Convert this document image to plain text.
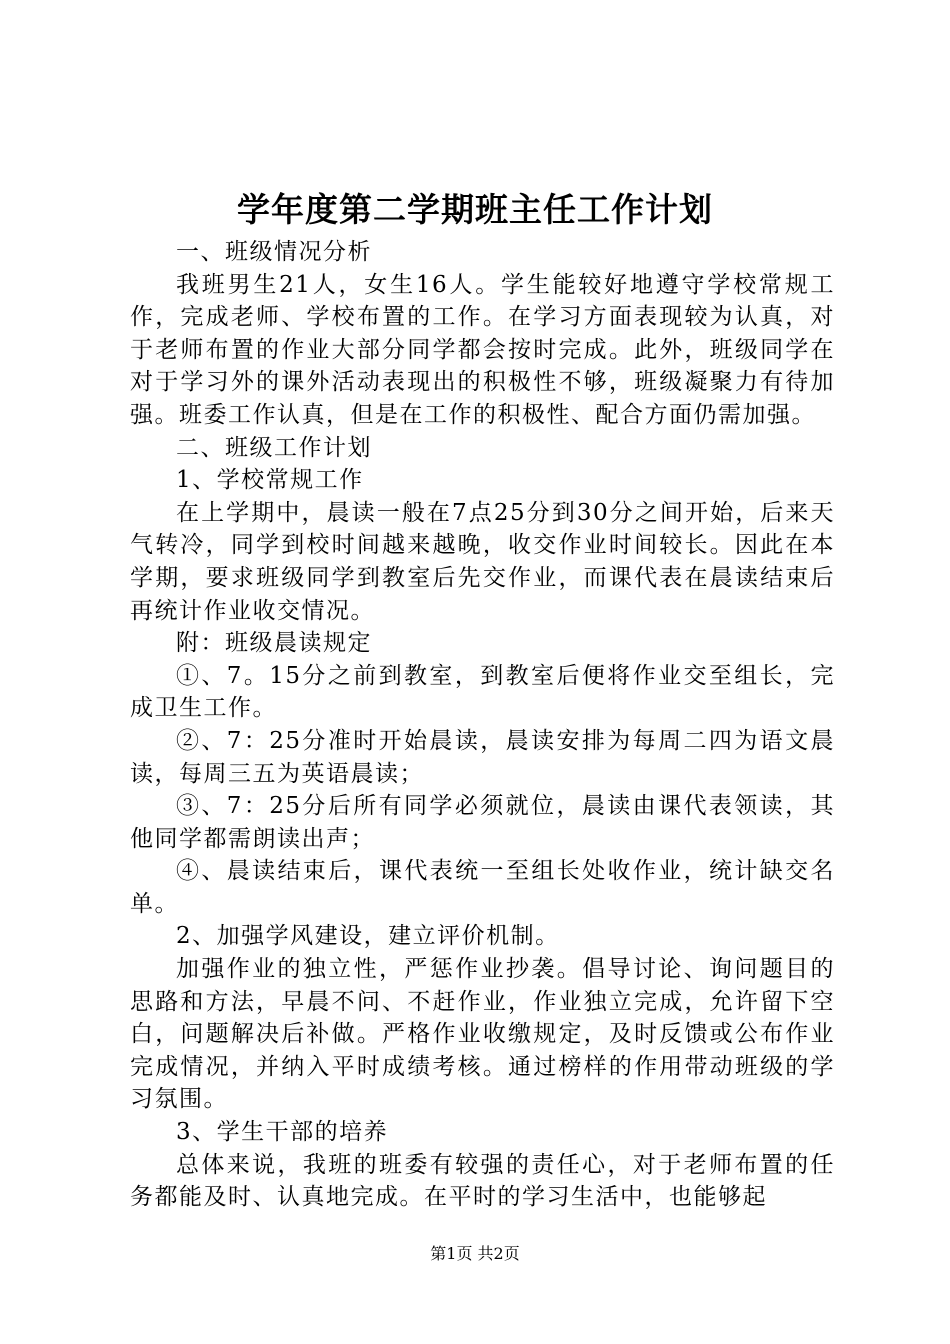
学年度第二学期班主任工作计划

一、班级情况分析

我班男生21人，女生16人。学生能较好地遵守学校常规工作，完成老师、学校布置的工作。在学习方面表现较为认真，对于老师布置的作业大部分同学都会按时完成。此外，班级同学在对于学习外的课外活动表现出的积极性不够，班级凝聚力有待加强。班委工作认真，但是在工作的积极性、配合方面仍需加强。

二、班级工作计划

1、学校常规工作

在上学期中，晨读一般在7点25分到30分之间开始，后来天气转冷，同学到校时间越来越晚，收交作业时间较长。因此在本学期，要求班级同学到教室后先交作业，而课代表在晨读结束后再统计作业收交情况。

附：班级晨读规定

①、7。15分之前到教室，到教室后便将作业交至组长，完成卫生工作。

②、7：25分准时开始晨读，晨读安排为每周二四为语文晨读，每周三五为英语晨读；

③、7：25分后所有同学必须就位，晨读由课代表领读，其他同学都需朗读出声；

④、晨读结束后，课代表统一至组长处收作业，统计缺交名单。

2、加强学风建设，建立评价机制。

加强作业的独立性，严惩作业抄袭。倡导讨论、询问题目的思路和方法，早晨不问、不赶作业，作业独立完成，允许留下空白，问题解决后补做。严格作业收缴规定，及时反馈或公布作业完成情况，并纳入平时成绩考核。通过榜样的作用带动班级的学习氛围。

3、学生干部的培养

总体来说，我班的班委有较强的责任心，对于老师布置的任务都能及时、认真地完成。在平时的学习生活中，也能够起

第1页 共2页
